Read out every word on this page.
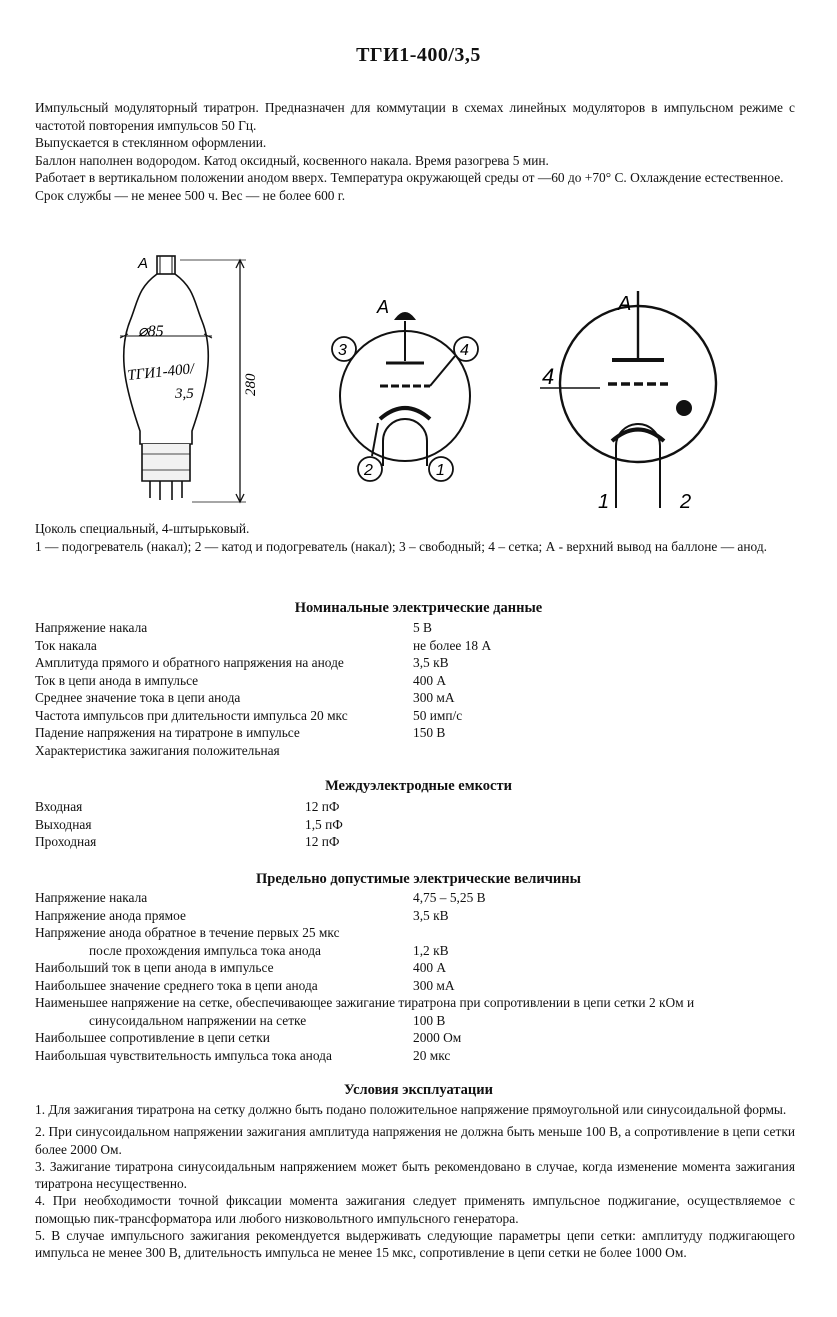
ТГИ1-400/3,5

Импульсный модуляторный тиратрон. Предназначен для коммутации в схемах линейных модуляторов в импульсном режиме с частотой повторения импульсов 50 Гц.

Выпускается в стеклянном оформлении.

Баллон наполнен водородом. Катод оксидный, косвенного накала. Время разогрева 5 мин.

Работает в вертикальном положении анодом вверх. Температура окружающей среды от —60 до +70° С. Охлаждение естественное.

Срок службы — не менее 500 ч. Вес — не более 600 г.

А
⌀85
ТГИ1-400/
3,5	280
А
3	4
2	1
А
4
1	2

Цоколь специальный, 4-штырьковый.

1 — подогреватель (накал); 2 — катод и подогреватель (накал); 3 – свободный; 4 – сетка; А - верхний вывод на баллоне — анод.

Номинальные электрические данные
Напряжение накала	5 В
Ток накала	не более 18 А
Амплитуда прямого и обратного напряжения на аноде	3,5 кВ
Ток в цепи анода в импульсе	400 А
Среднее значение тока в цепи анода	300 мА
Частота импульсов при длительности импульса 20 мкс	50 имп/с
Падение напряжения на тиратроне в импульсе	150 В
Характеристика зажигания положительная
Междуэлектродные емкости
Входная	12 пФ
Выходная	1,5 пФ
Проходная	12 пФ
Предельно допустимые электрические величины
Напряжение накала	4,75 – 5,25 В
Напряжение анода прямое	3,5 кВ
Напряжение анода обратное в течение первых 25 мкс
после прохождения импульса тока анода	1,2 кВ
Наибольший ток в цепи анода в импульсе	400 А
Наибольшее значение среднего тока в цепи анода	300 мА
Наименьшее напряжение на сетке, обеспечивающее зажигание тиратрона при сопротивлении в цепи сетки 2 кОм и
синусоидальном напряжении на сетке	100 В
Наибольшее сопротивление в цепи сетки	2000 Ом
Наибольшая чувствительность импульса тока анода	20 мкс
Условия эксплуатации

1. Для зажигания тиратрона на сетку должно быть подано положительное напряжение прямоугольной или синусоидальной формы.

2. При синусоидальном напряжении зажигания амплитуда напряжения не должна быть меньше 100 В, а сопротивление в цепи сетки более 2000 Ом.

3. Зажигание тиратрона синусоидальным напряжением может быть рекомендовано в случае, когда изменение момента зажигания тиратрона несущественно.

4. При необходимости точной фиксации момента зажигания следует применять импульсное поджигание, осуществляемое с помощью пик-трансформатора или любого низковольтного импульсного генератора.

5. В случае импульсного зажигания рекомендуется выдерживать следующие параметры цепи сетки: амплитуду поджигающего импульса не менее 300 В, длительность импульса не менее 15 мкс, сопротивление в цепи сетки не более 1000 Ом.
